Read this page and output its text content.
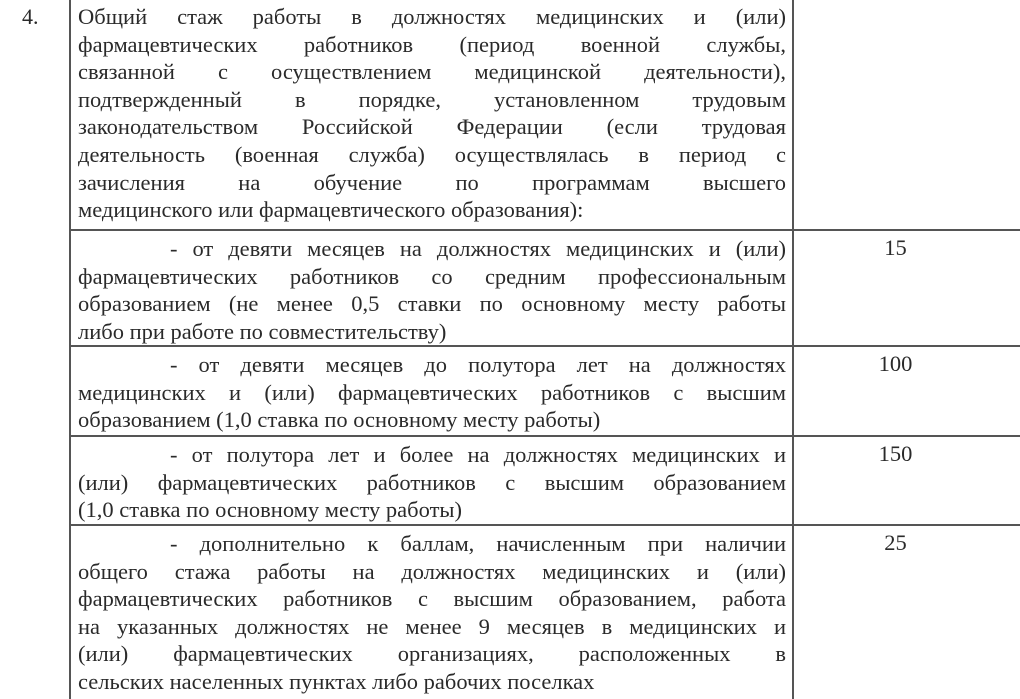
4. Общий стаж работы в должностях медицинских и (или)
фармацевтических работников (период военной службы,
связанной с осуществлением медицинской деятельности),
подтвержденный в порядке, установленном трудовым
законодательством Российской Федерации (если трудовая
деятельность (военная служба) осуществлялась в период с
зачисления на обучение по программам высшего
медицинского или фармацевтического образования):
- от девяти месяцев на должностях медицинских и (или)
фармацевтических работников со средним профессиональным
образованием (не менее 0,5 ставки по основному месту работы
либо при работе по совместительству)
15
- от девяти месяцев до полутора лет на должностях
медицинских и (или) фармацевтических работников с высшим
образованием (1,0 ставка по основному месту работы)
100
- от полутора лет и более на должностях медицинских и
(или) фармацевтических работников с высшим образованием
(1,0 ставка по основному месту работы)
150
- дополнительно к баллам, начисленным при наличии
общего стажа работы на должностях медицинских и (или)
фармацевтических работников с высшим образованием, работа
на указанных должностях не менее 9 месяцев в медицинских и
(или) фармацевтических организациях, расположенных в
сельских населенных пунктах либо рабочих поселках
25
